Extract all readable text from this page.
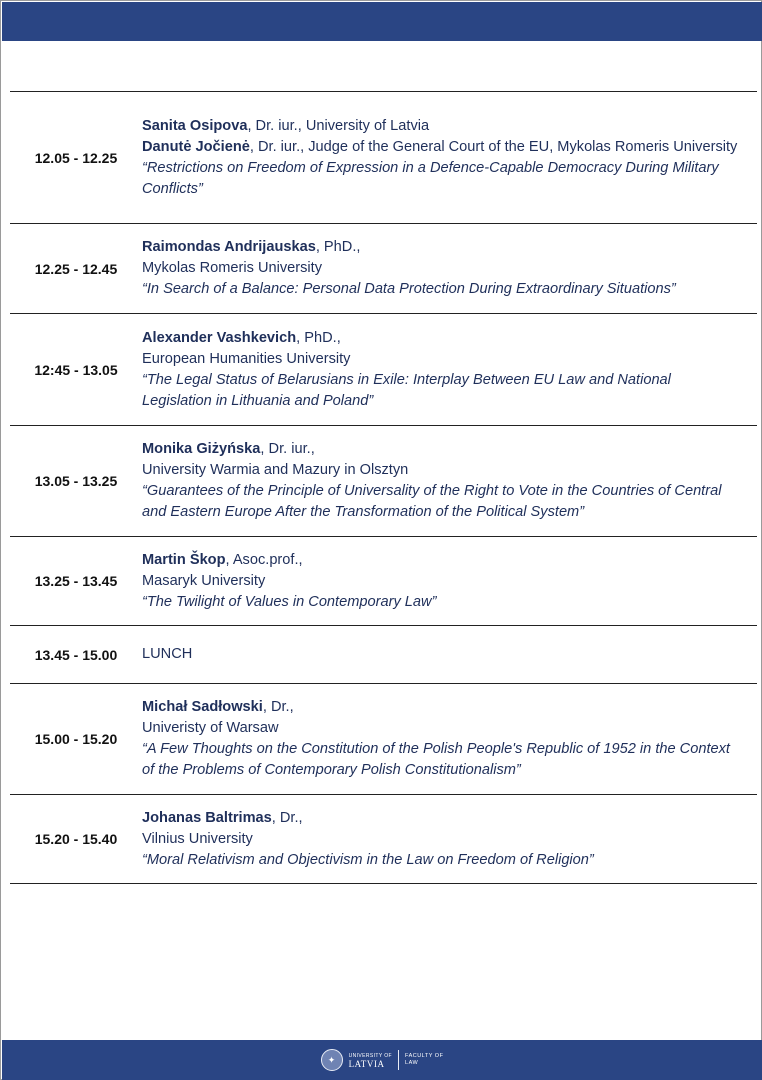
12.05 - 12.25
Sanita Osipova, Dr. iur., University of Latvia
Danutė Jočienė, Dr. iur., Judge of the General Court of the EU, Mykolas Romeris University
“Restrictions on Freedom of Expression in a Defence-Capable Democracy During Military Conflicts”
12.25 - 12.45
Raimondas Andrijauskas, PhD.,
Mykolas Romeris University
“In Search of a Balance: Personal Data Protection During Extraordinary Situations”
12:45 - 13.05
Alexander Vashkevich, PhD.,
European Humanities University
“The Legal Status of Belarusians in Exile: Interplay Between EU Law and National Legislation in Lithuania and Poland”
13.05 - 13.25
Monika Giżyńska, Dr. iur.,
University Warmia and Mazury in Olsztyn
“Guarantees of the Principle of Universality of the Right to Vote in the Countries of Central and Eastern Europe After the Transformation of the Political System”
13.25 - 13.45
Martin Škop, Asoc.prof.,
Masaryk University
“The Twilight of Values in Contemporary Law”
13.45 - 15.00	LUNCH
15.00 - 15.20
Michał Sadłowski, Dr.,
Univeristy of Warsaw
“A Few Thoughts on the Constitution of the Polish People's Republic of 1952 in the Context of the Problems of Contemporary Polish Constitutionalism”
15.20 - 15.40
Johanas Baltrimas, Dr.,
Vilnius University
“Moral Relativism and Objectivism in the Law on Freedom of Religion”
✦	UNIVERSITY OF
LATVIA
FACULTY OF
LAW
